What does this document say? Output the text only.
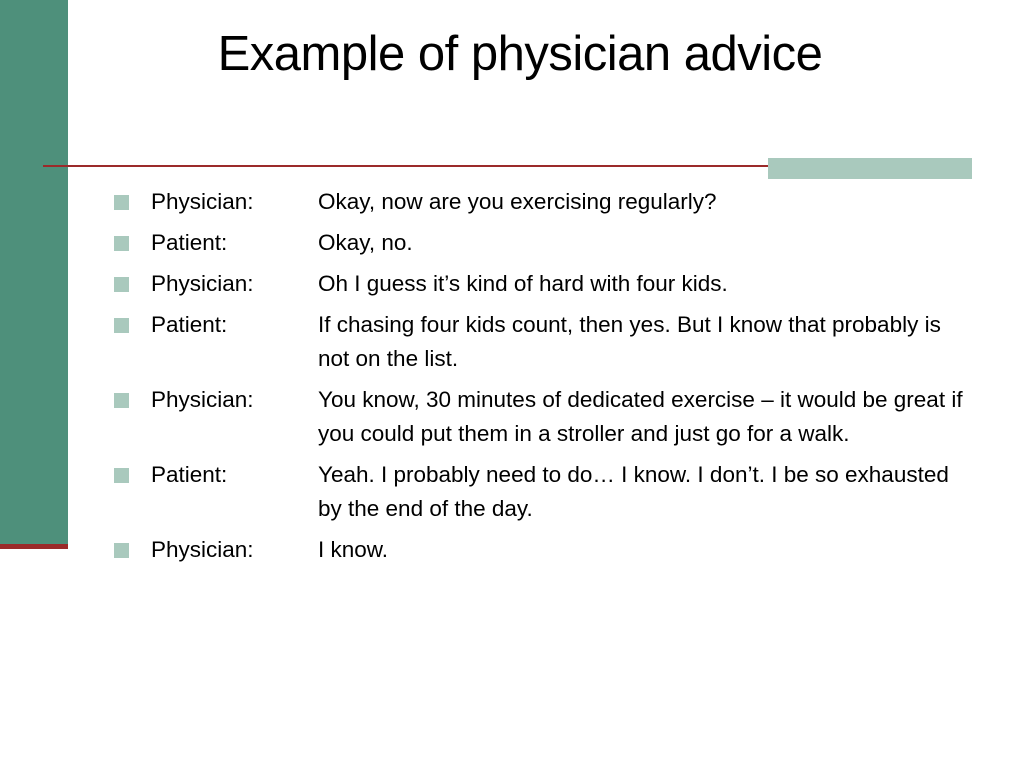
Example of physician advice
Physician:	Okay, now are you exercising regularly?
Patient:	Okay, no.
Physician:	Oh I guess it’s kind of hard with four kids.
Patient:	If chasing four kids count, then yes. But I know that probably is not on the list.
Physician:	You know, 30 minutes of dedicated exercise – it would be great if you could put them in a stroller and just go for a walk.
Patient:	Yeah. I probably need to do… I know. I don’t. I be so exhausted by the end of the day.
Physician:	I know.
